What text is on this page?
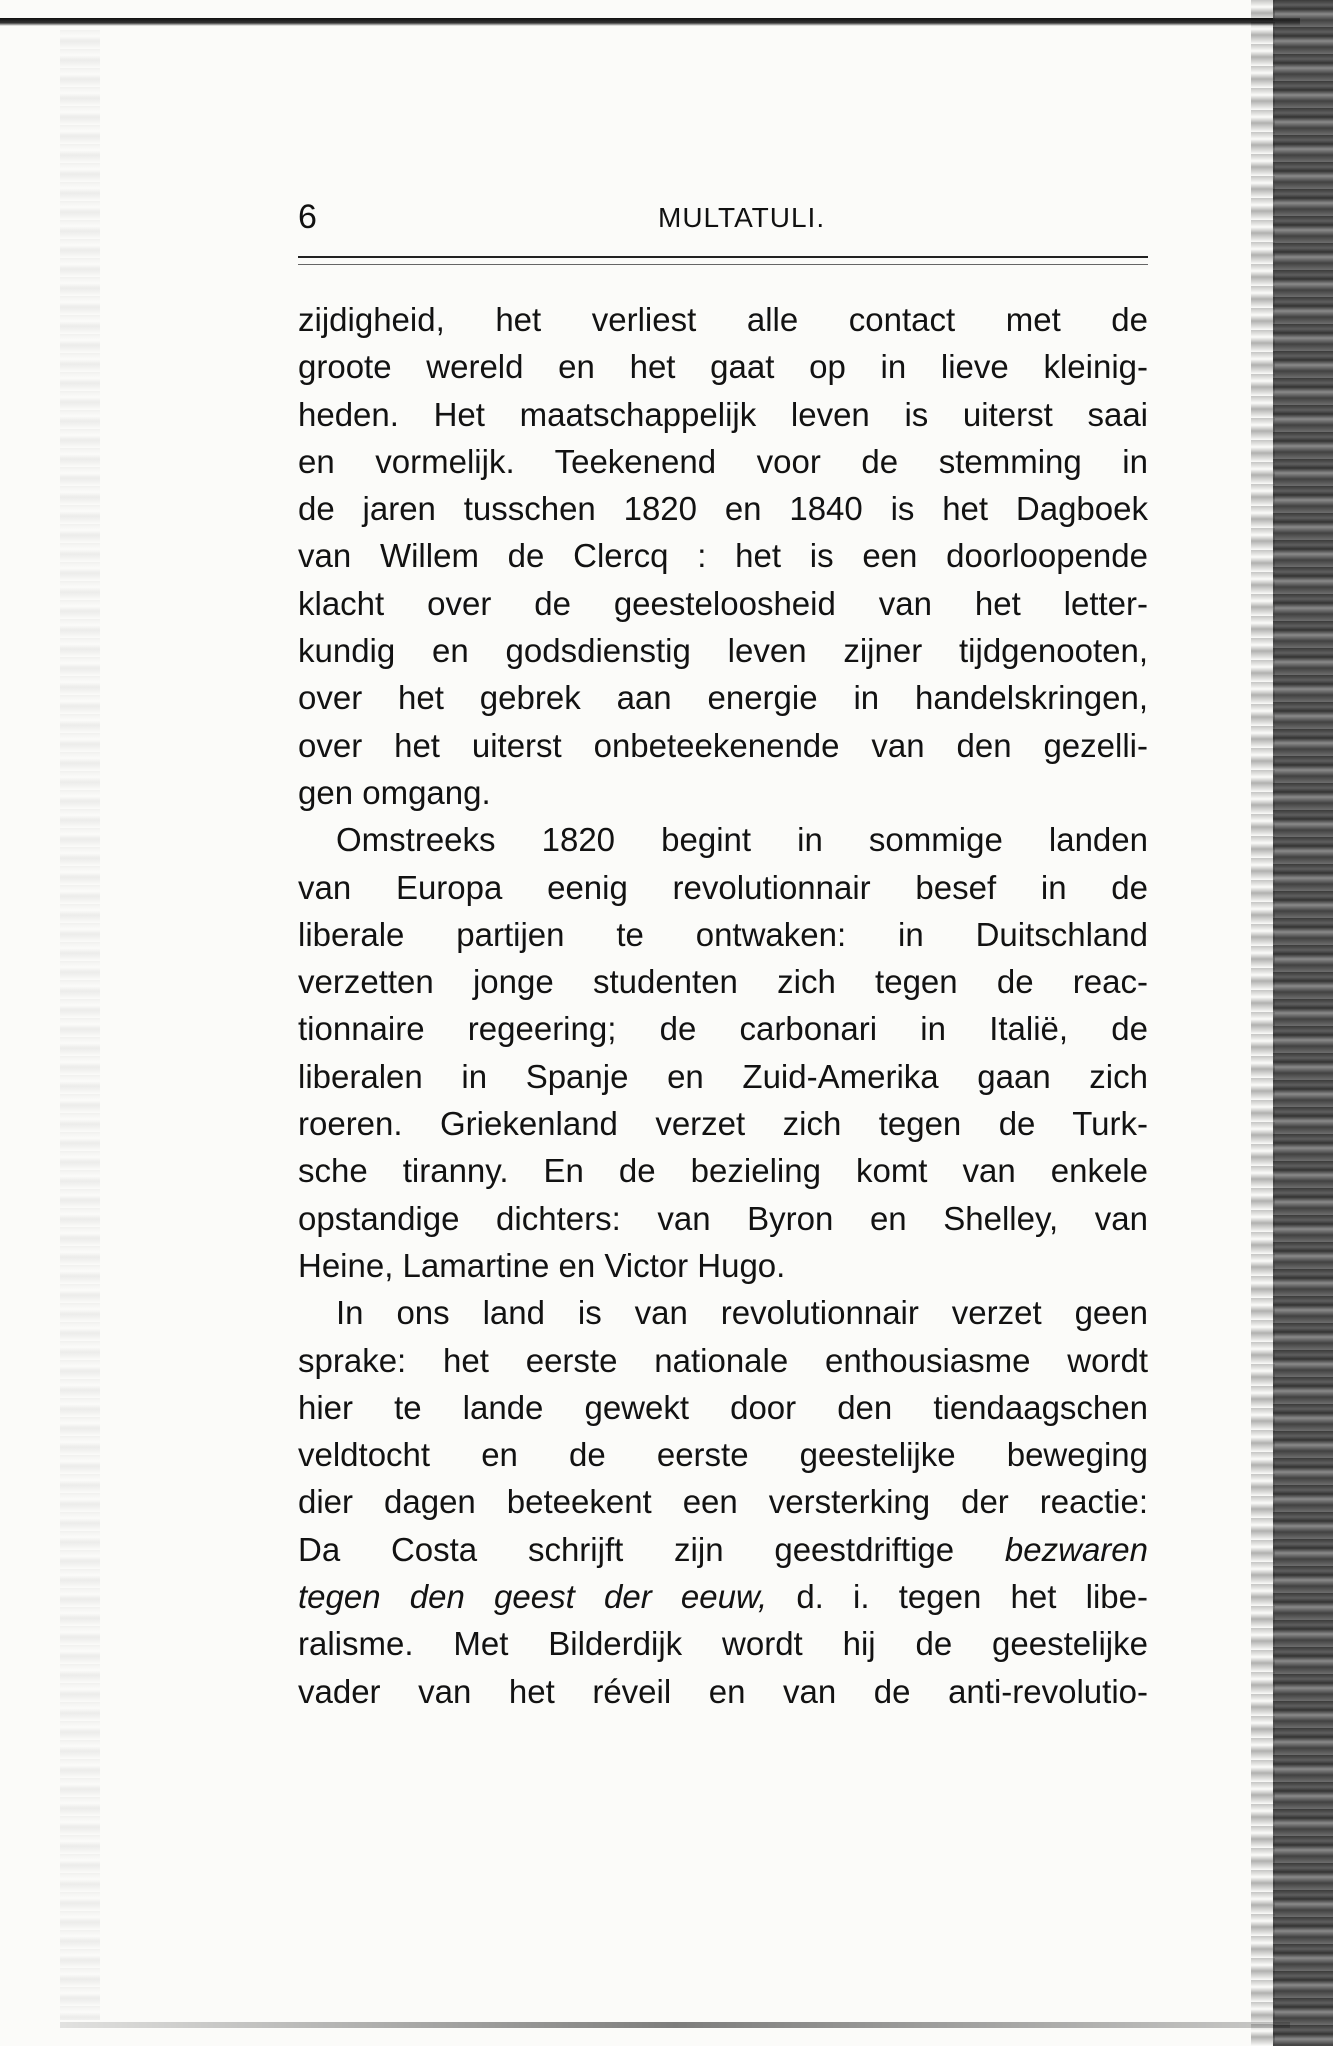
6	MULTATULI.
zijdigheid, het verliest alle contact met de
groote wereld en het gaat op in lieve kleinig-
heden. Het maatschappelijk leven is uiterst saai
en vormelijk. Teekenend voor de stemming in
de jaren tusschen 1820 en 1840 is het Dagboek
van Willem de Clercq : het is een doorloopende
klacht over de geesteloosheid van het letter-
kundig en godsdienstig leven zijner tijdgenooten,
over het gebrek aan energie in handelskringen,
over het uiterst onbeteekenende van den gezelli-
gen omgang.
Omstreeks 1820 begint in sommige landen
van Europa eenig revolutionnair besef in de
liberale partijen te ontwaken: in Duitschland
verzetten jonge studenten zich tegen de reac-
tionnaire regeering; de carbonari in Italië, de
liberalen in Spanje en Zuid-Amerika gaan zich
roeren. Griekenland verzet zich tegen de Turk-
sche tiranny. En de bezieling komt van enkele
opstandige dichters: van Byron en Shelley, van
Heine, Lamartine en Victor Hugo.
In ons land is van revolutionnair verzet geen
sprake: het eerste nationale enthousiasme wordt
hier te lande gewekt door den tiendaagschen
veldtocht en de eerste geestelijke beweging
dier dagen beteekent een versterking der reactie:
Da Costa schrijft zijn geestdriftige bezwaren
tegen den geest der eeuw, d. i. tegen het libe-
ralisme. Met Bilderdijk wordt hij de geestelijke
vader van het réveil en van de anti-revolutio-
